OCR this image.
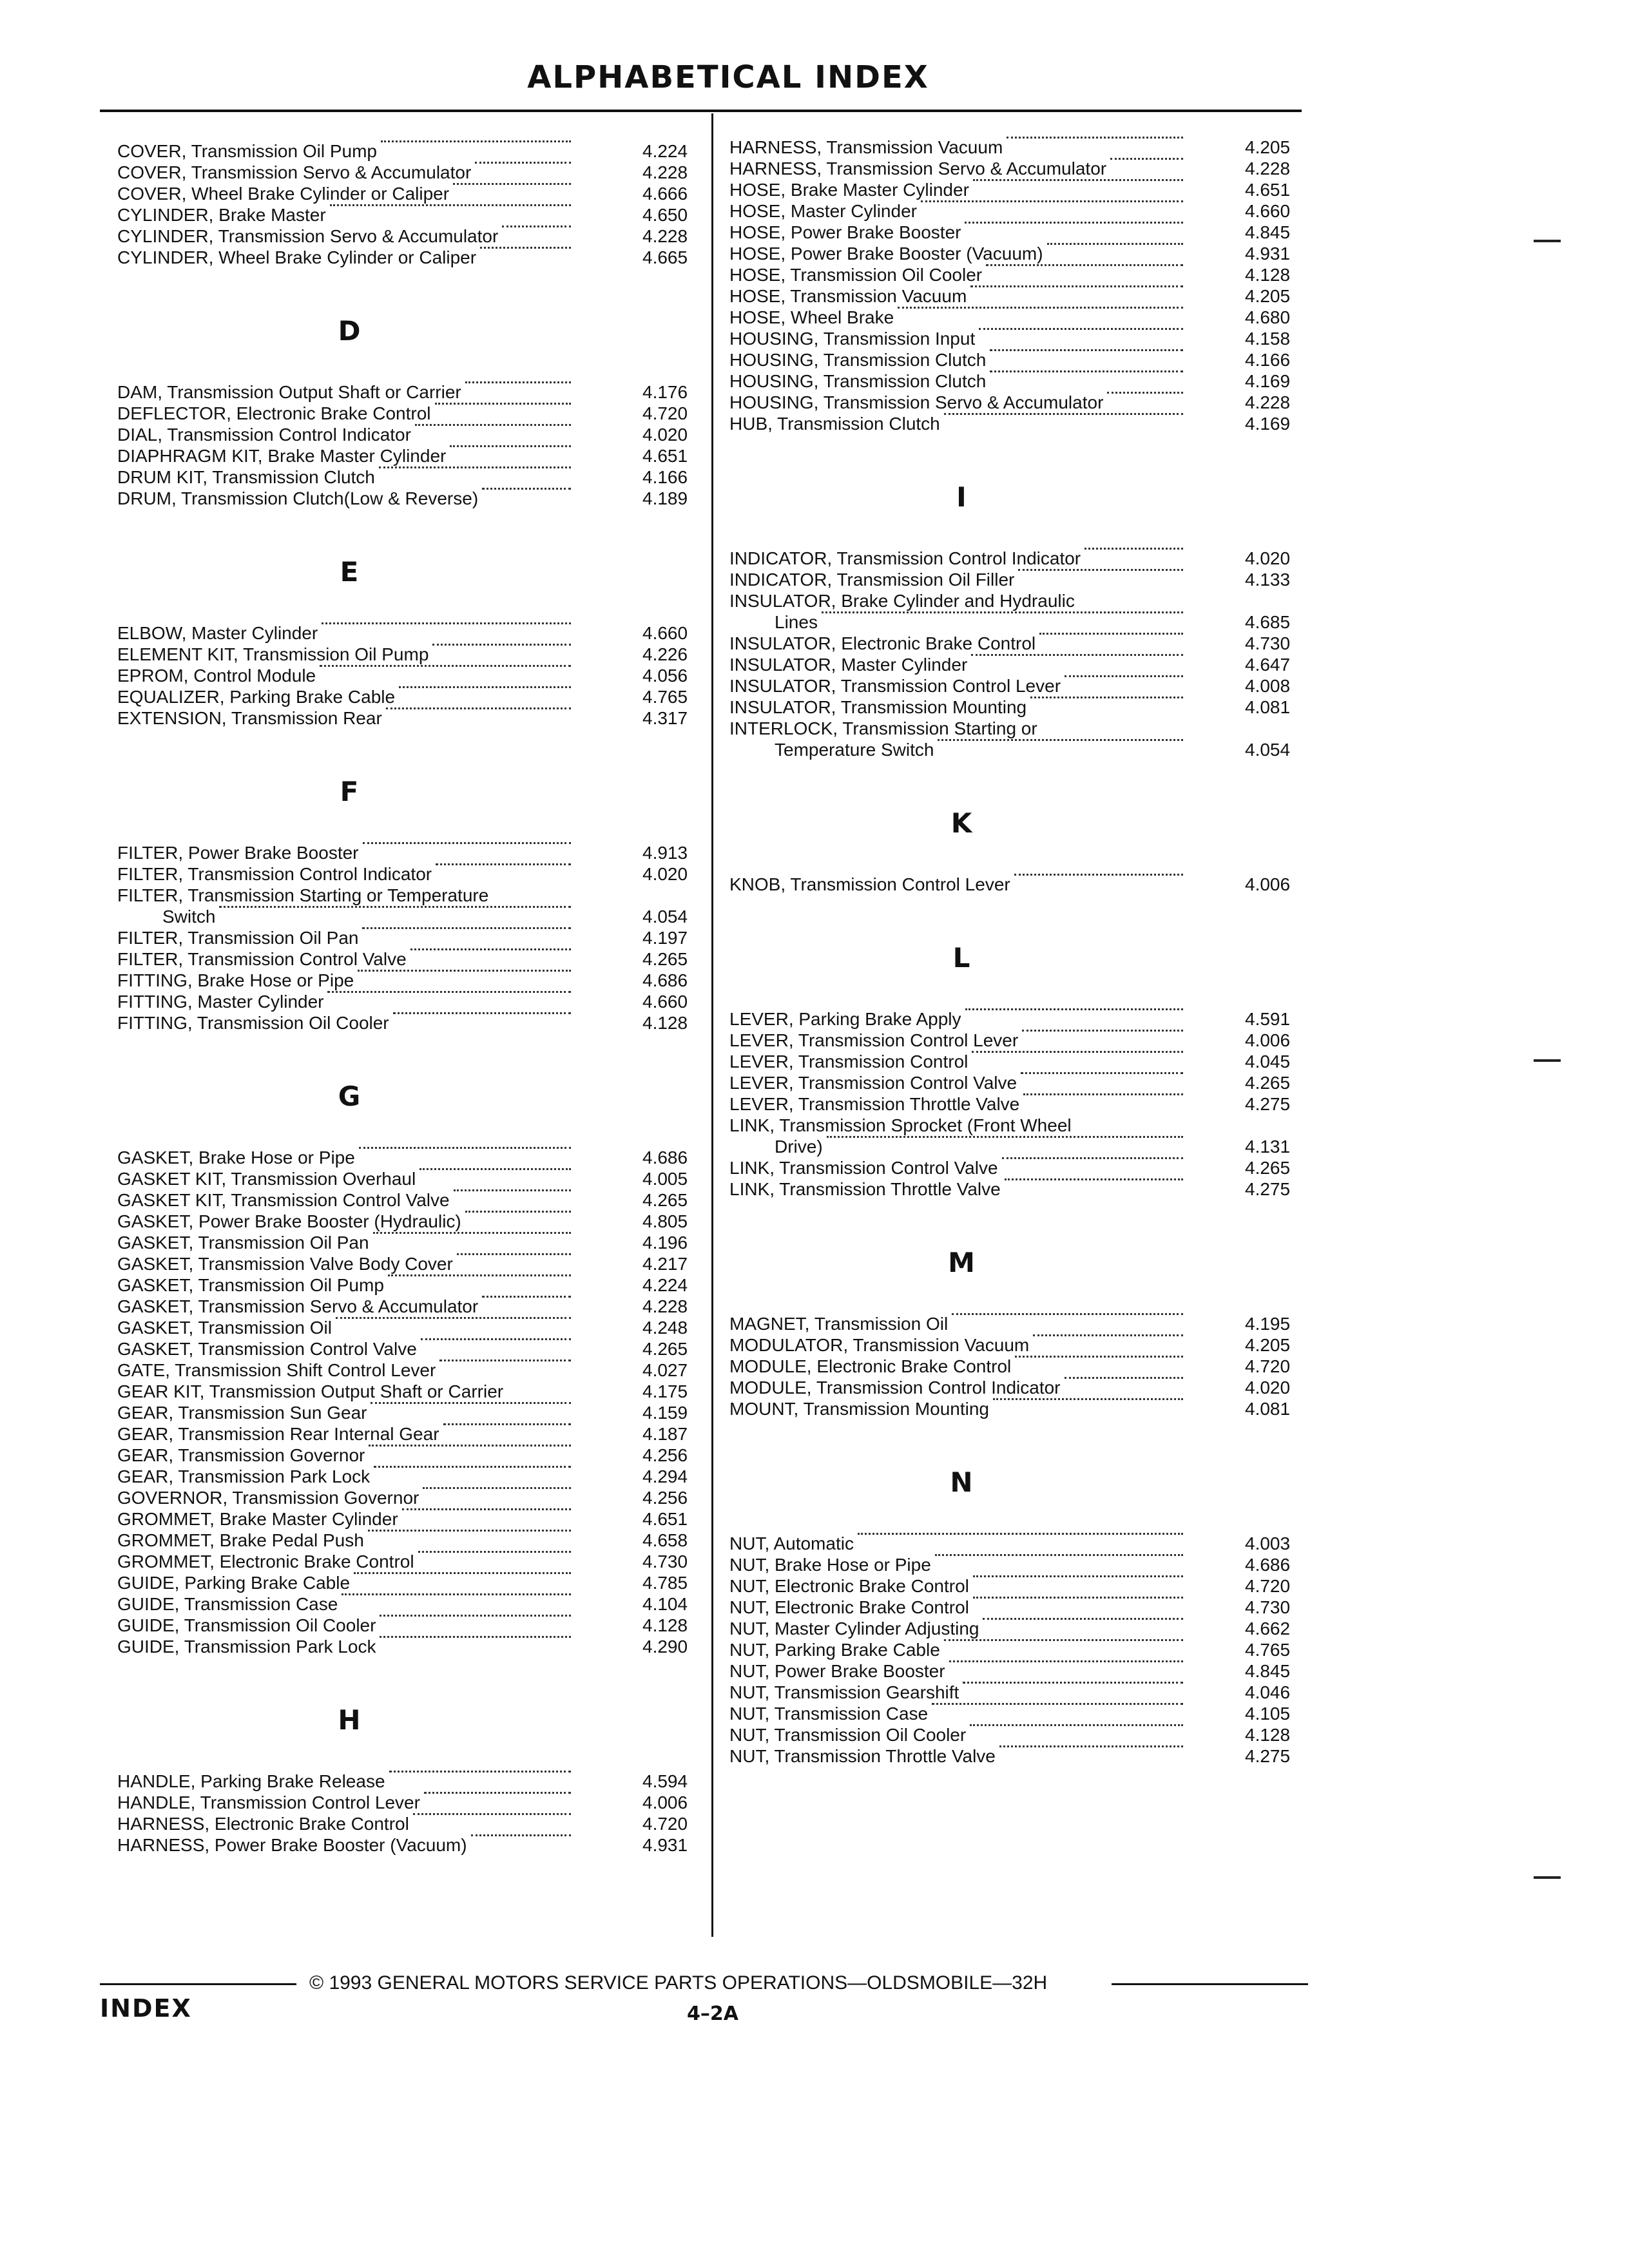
ALPHABETICAL INDEX
COVER, Transmission Oil Pump	4.224
COVER, Transmission Servo & Accumulator	4.228
COVER, Wheel Brake Cylinder or Caliper	4.666
CYLINDER, Brake Master	4.650
CYLINDER, Transmission Servo & Accumulator	4.228
CYLINDER, Wheel Brake Cylinder or Caliper	4.665
D
DAM, Transmission Output Shaft or Carrier	4.176
DEFLECTOR, Electronic Brake Control	4.720
DIAL, Transmission Control Indicator	4.020
DIAPHRAGM KIT, Brake Master Cylinder	4.651
DRUM KIT, Transmission Clutch	4.166
DRUM, Transmission Clutch(Low & Reverse)	4.189
E
ELBOW, Master Cylinder	4.660
ELEMENT KIT, Transmission Oil Pump	4.226
EPROM, Control Module	4.056
EQUALIZER, Parking Brake Cable	4.765
EXTENSION, Transmission Rear	4.317
F
FILTER, Power Brake Booster	4.913
FILTER, Transmission Control Indicator	4.020
FILTER, Transmission Starting or Temperature
Switch	4.054
FILTER, Transmission Oil Pan	4.197
FILTER, Transmission Control Valve	4.265
FITTING, Brake Hose or Pipe	4.686
FITTING, Master Cylinder	4.660
FITTING, Transmission Oil Cooler	4.128
G
GASKET, Brake Hose or Pipe	4.686
GASKET KIT, Transmission Overhaul	4.005
GASKET KIT, Transmission Control Valve	4.265
GASKET, Power Brake Booster (Hydraulic)	4.805
GASKET, Transmission Oil Pan	4.196
GASKET, Transmission Valve Body Cover	4.217
GASKET, Transmission Oil Pump	4.224
GASKET, Transmission Servo & Accumulator	4.228
GASKET, Transmission Oil	4.248
GASKET, Transmission Control Valve	4.265
GATE, Transmission Shift Control Lever	4.027
GEAR KIT, Transmission Output Shaft or Carrier	4.175
GEAR, Transmission Sun Gear	4.159
GEAR, Transmission Rear Internal Gear	4.187
GEAR, Transmission Governor	4.256
GEAR, Transmission Park Lock	4.294
GOVERNOR, Transmission Governor	4.256
GROMMET, Brake Master Cylinder	4.651
GROMMET, Brake Pedal Push	4.658
GROMMET, Electronic Brake Control	4.730
GUIDE, Parking Brake Cable	4.785
GUIDE, Transmission Case	4.104
GUIDE, Transmission Oil Cooler	4.128
GUIDE, Transmission Park Lock	4.290
H
HANDLE, Parking Brake Release	4.594
HANDLE, Transmission Control Lever	4.006
HARNESS, Electronic Brake Control	4.720
HARNESS, Power Brake Booster (Vacuum)	4.931
HARNESS, Transmission Vacuum	4.205
HARNESS, Transmission Servo & Accumulator	4.228
HOSE, Brake Master Cylinder	4.651
HOSE, Master Cylinder	4.660
HOSE, Power Brake Booster	4.845
HOSE, Power Brake Booster (Vacuum)	4.931
HOSE, Transmission Oil Cooler	4.128
HOSE, Transmission Vacuum	4.205
HOSE, Wheel Brake	4.680
HOUSING, Transmission Input	4.158
HOUSING, Transmission Clutch	4.166
HOUSING, Transmission Clutch	4.169
HOUSING, Transmission Servo & Accumulator	4.228
HUB, Transmission Clutch	4.169
I
INDICATOR, Transmission Control Indicator	4.020
INDICATOR, Transmission Oil Filler	4.133
INSULATOR, Brake Cylinder and Hydraulic
Lines	4.685
INSULATOR, Electronic Brake Control	4.730
INSULATOR, Master Cylinder	4.647
INSULATOR, Transmission Control Lever	4.008
INSULATOR, Transmission Mounting	4.081
INTERLOCK, Transmission Starting or
Temperature Switch	4.054
K
KNOB, Transmission Control Lever	4.006
L
LEVER, Parking Brake Apply	4.591
LEVER, Transmission Control Lever	4.006
LEVER, Transmission Control	4.045
LEVER, Transmission Control Valve	4.265
LEVER, Transmission Throttle Valve	4.275
LINK, Transmission Sprocket (Front Wheel
Drive)	4.131
LINK, Transmission Control Valve	4.265
LINK, Transmission Throttle Valve	4.275
M
MAGNET, Transmission Oil	4.195
MODULATOR, Transmission Vacuum	4.205
MODULE, Electronic Brake Control	4.720
MODULE, Transmission Control Indicator	4.020
MOUNT, Transmission Mounting	4.081
N
NUT, Automatic	4.003
NUT, Brake Hose or Pipe	4.686
NUT, Electronic Brake Control	4.720
NUT, Electronic Brake Control	4.730
NUT, Master Cylinder Adjusting	4.662
NUT, Parking Brake Cable	4.765
NUT, Power Brake Booster	4.845
NUT, Transmission Gearshift	4.046
NUT, Transmission Case	4.105
NUT, Transmission Oil Cooler	4.128
NUT, Transmission Throttle Valve	4.275
© 1993 GENERAL MOTORS SERVICE PARTS OPERATIONS—OLDSMOBILE—32H
INDEX	4–2A
